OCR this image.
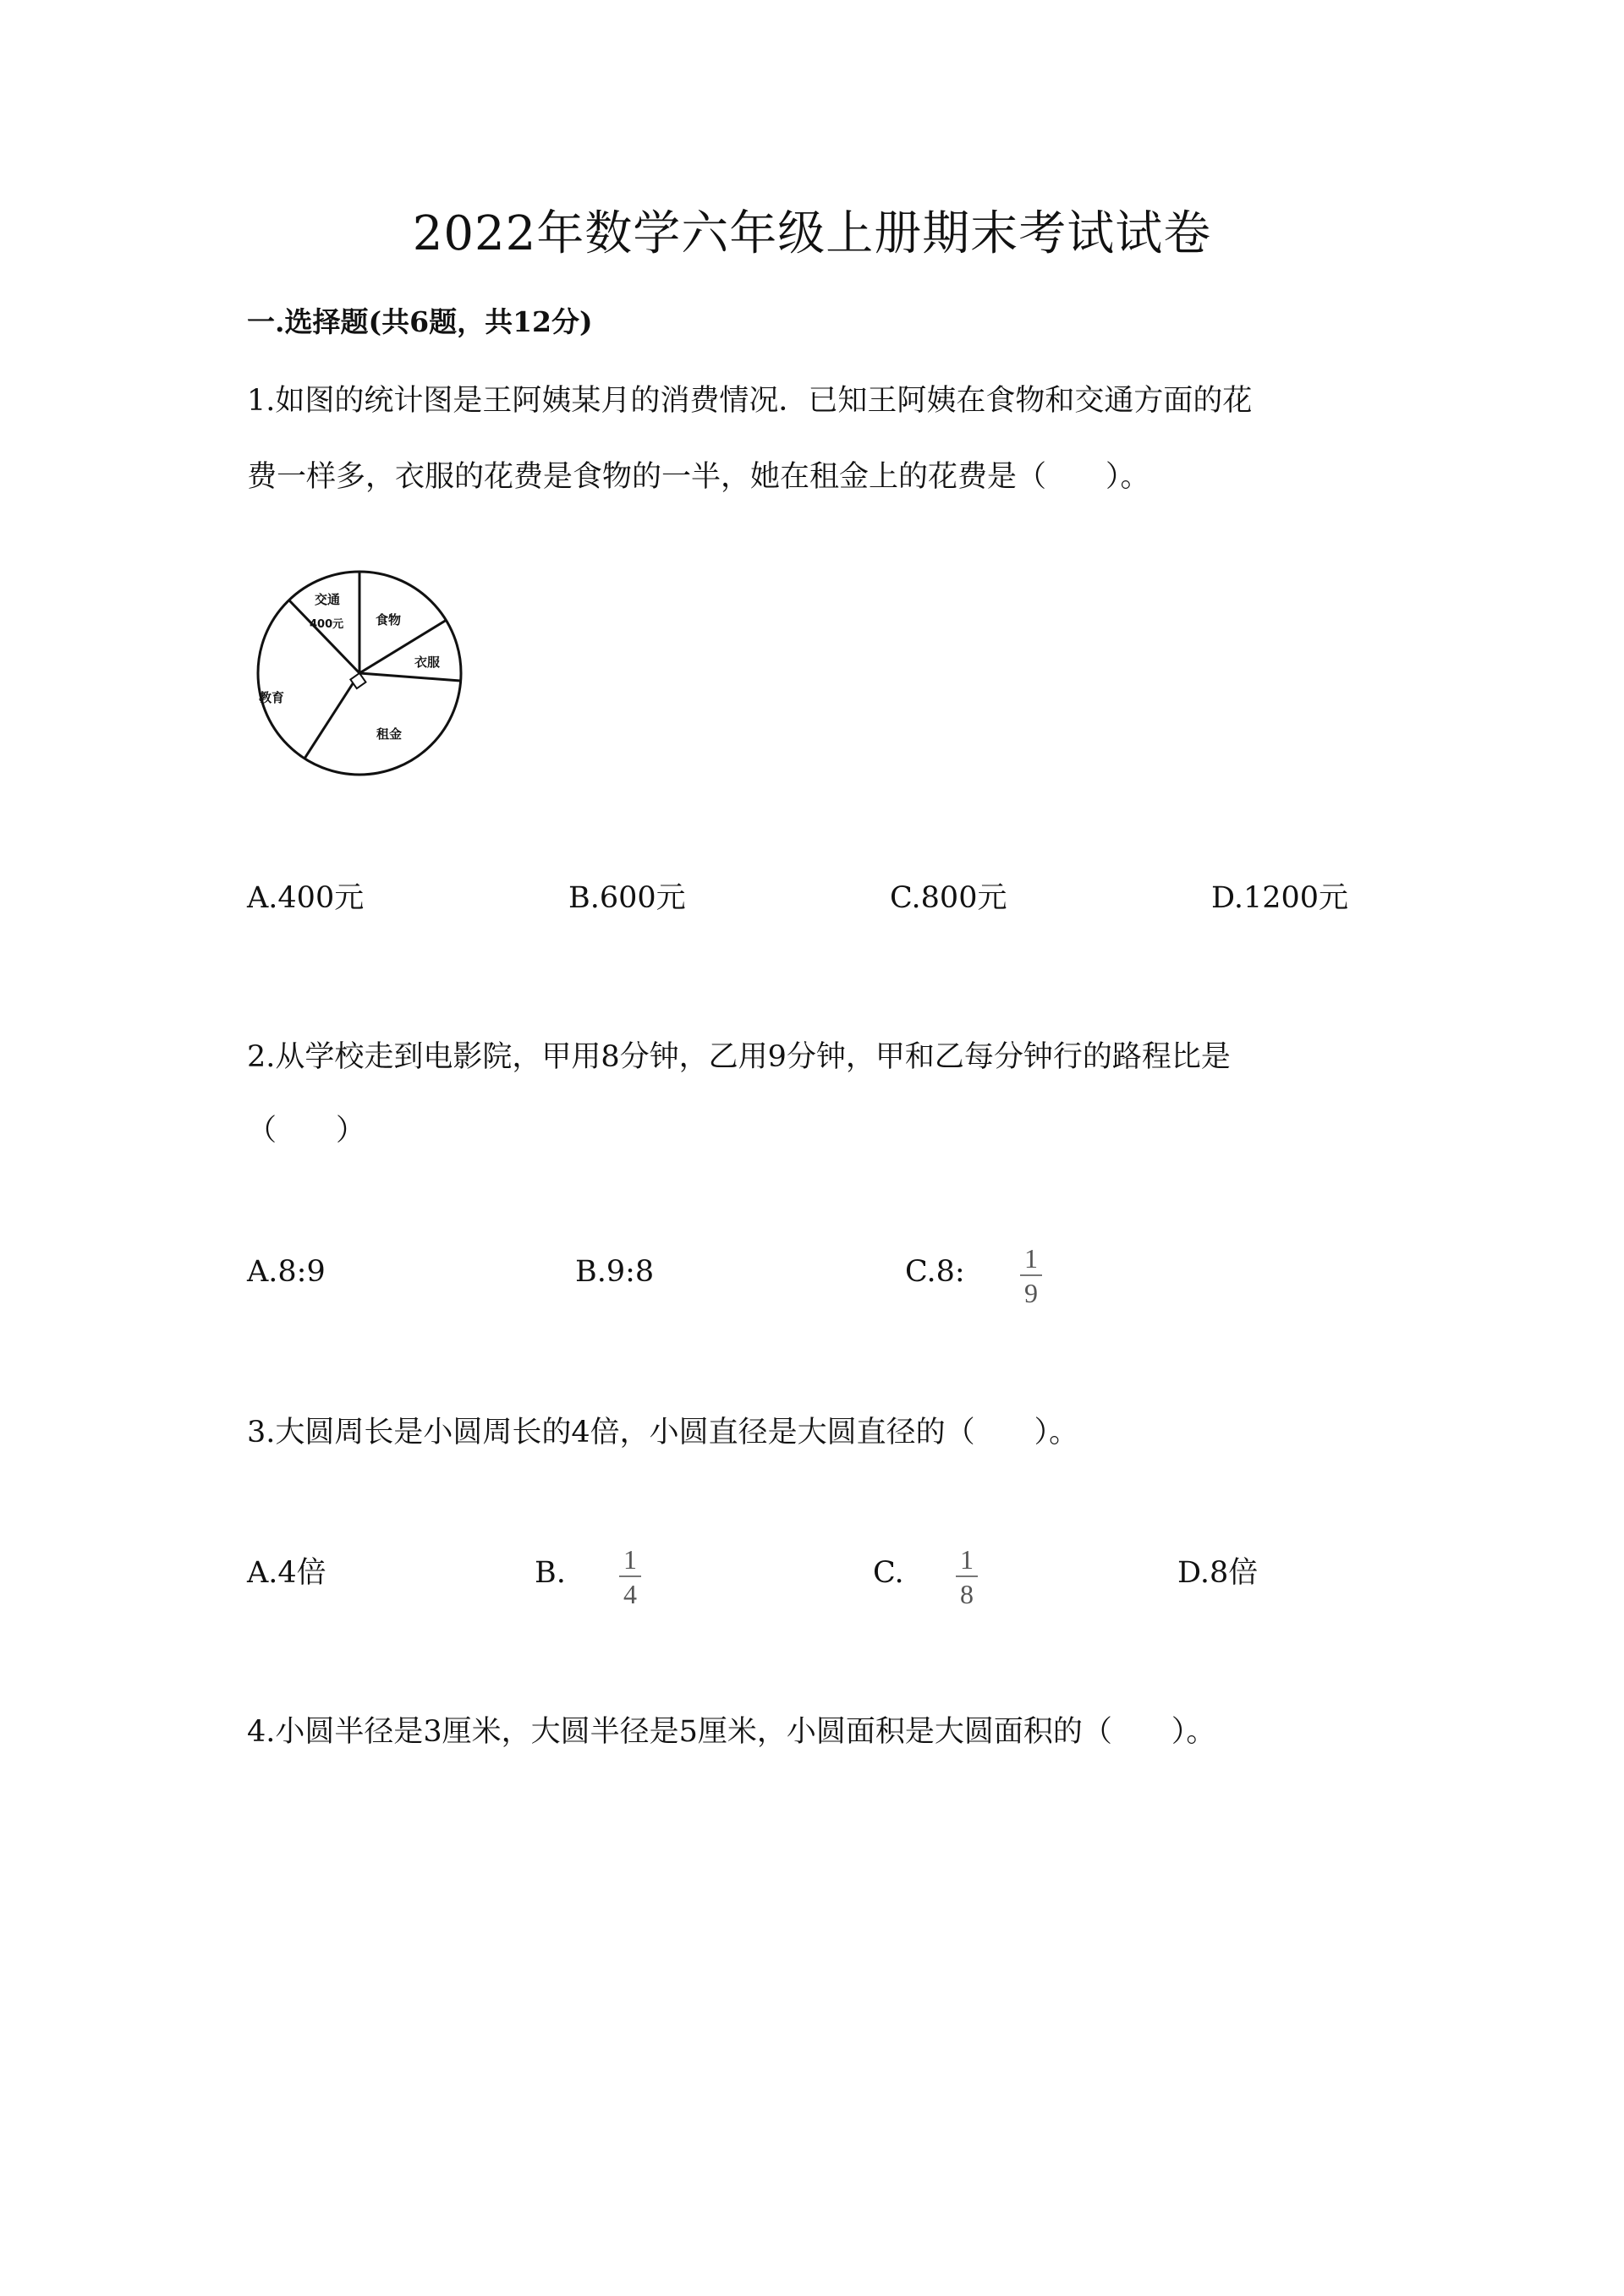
2022年数学六年级上册期末考试试卷
一.选择题(共6题，共12分)
1.如图的统计图是王阿姨某月的消费情况．已知王阿姨在食物和交通方面的花
费一样多，衣服的花费是食物的一半，她在租金上的花费是（　　）。
交通
400元	食物
衣服
教育
租金
A.400元	B.600元	C.800元	D.1200元
2.从学校走到电影院，甲用8分钟，乙用9分钟，甲和乙每分钟行的路程比是
（　　）
A.8:9	B.9:8	C.8: 1
9
3.大圆周长是小圆周长的4倍，小圆直径是大圆直径的（　　）。
A.4倍	B. 1
4
C. 1
8
D.8倍
4.小圆半径是3厘米，大圆半径是5厘米，小圆面积是大圆面积的（　　）。
